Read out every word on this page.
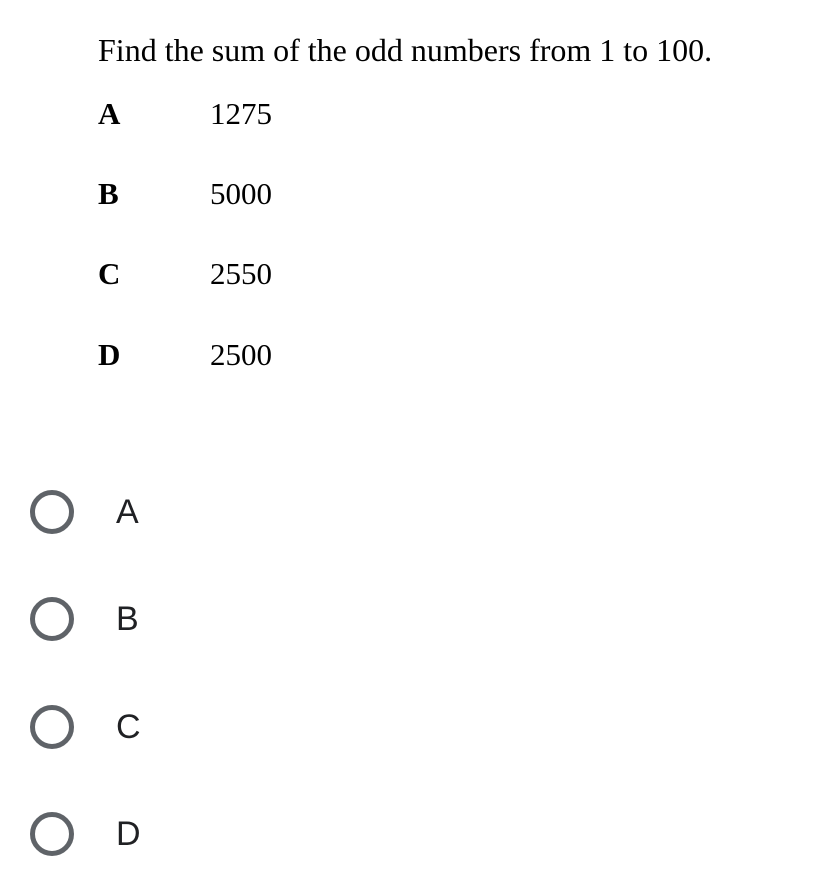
Find the sum of the odd numbers from 1 to 100.
A	1275
B	5000
C	2550
D	2500
A
B
C
D
